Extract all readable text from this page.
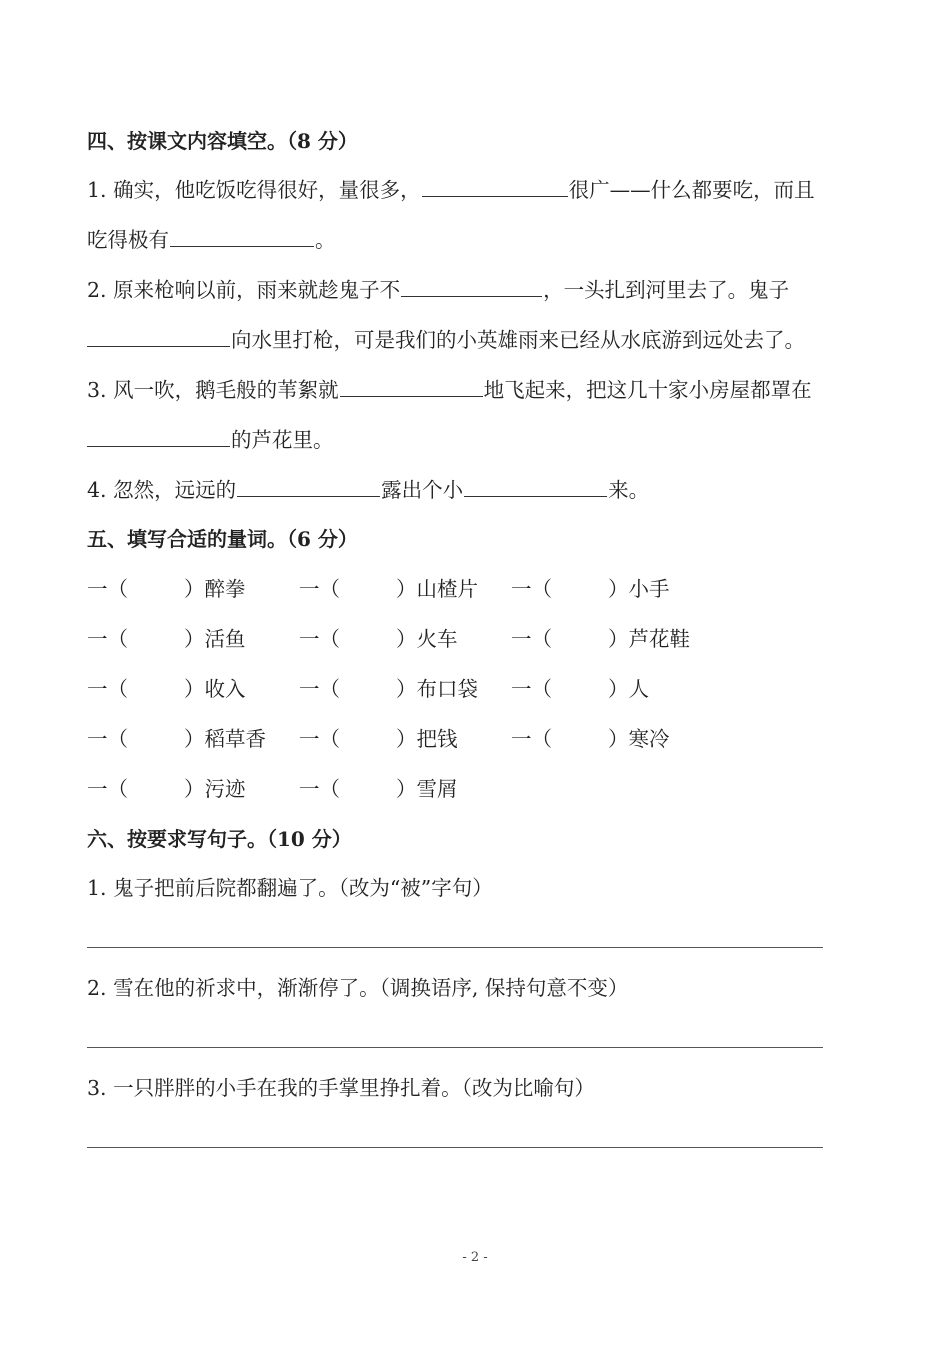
四、按课文内容填空。（8 分）
1. 确实，他吃饭吃得很好，量很多，	很广——什么都要吃，而且
吃得极有	。
2. 原来枪响以前，雨来就趁鬼子不	，一头扎到河里去了。鬼子
向水里打枪，可是我们的小英雄雨来已经从水底游到远处去了。
3. 风一吹，鹅毛般的苇絮就	地飞起来，把这几十家小房屋都罩在
的芦花里。
4. 忽然，远远的	露出个小	来。
五、填写合适的量词。（6 分）
一（	）醉拳	一（	）山楂片 一（	）小手
一（	）活鱼	一（	）火车	一（	）芦花鞋
一（	）收入	一（	）布口袋 一（	）人
一（	）稻草香 一（	）把钱	一（	）寒冷
一（	）污迹	一（	）雪屑
六、按要求写句子。（10 分）
1. 鬼子把前后院都翻遍了。（改为“被”字句）
2. 雪在他的祈求中，渐渐停了。（调换语序, 保持句意不变）
3. 一只胖胖的小手在我的手掌里挣扎着。（改为比喻句）
- 2 -
